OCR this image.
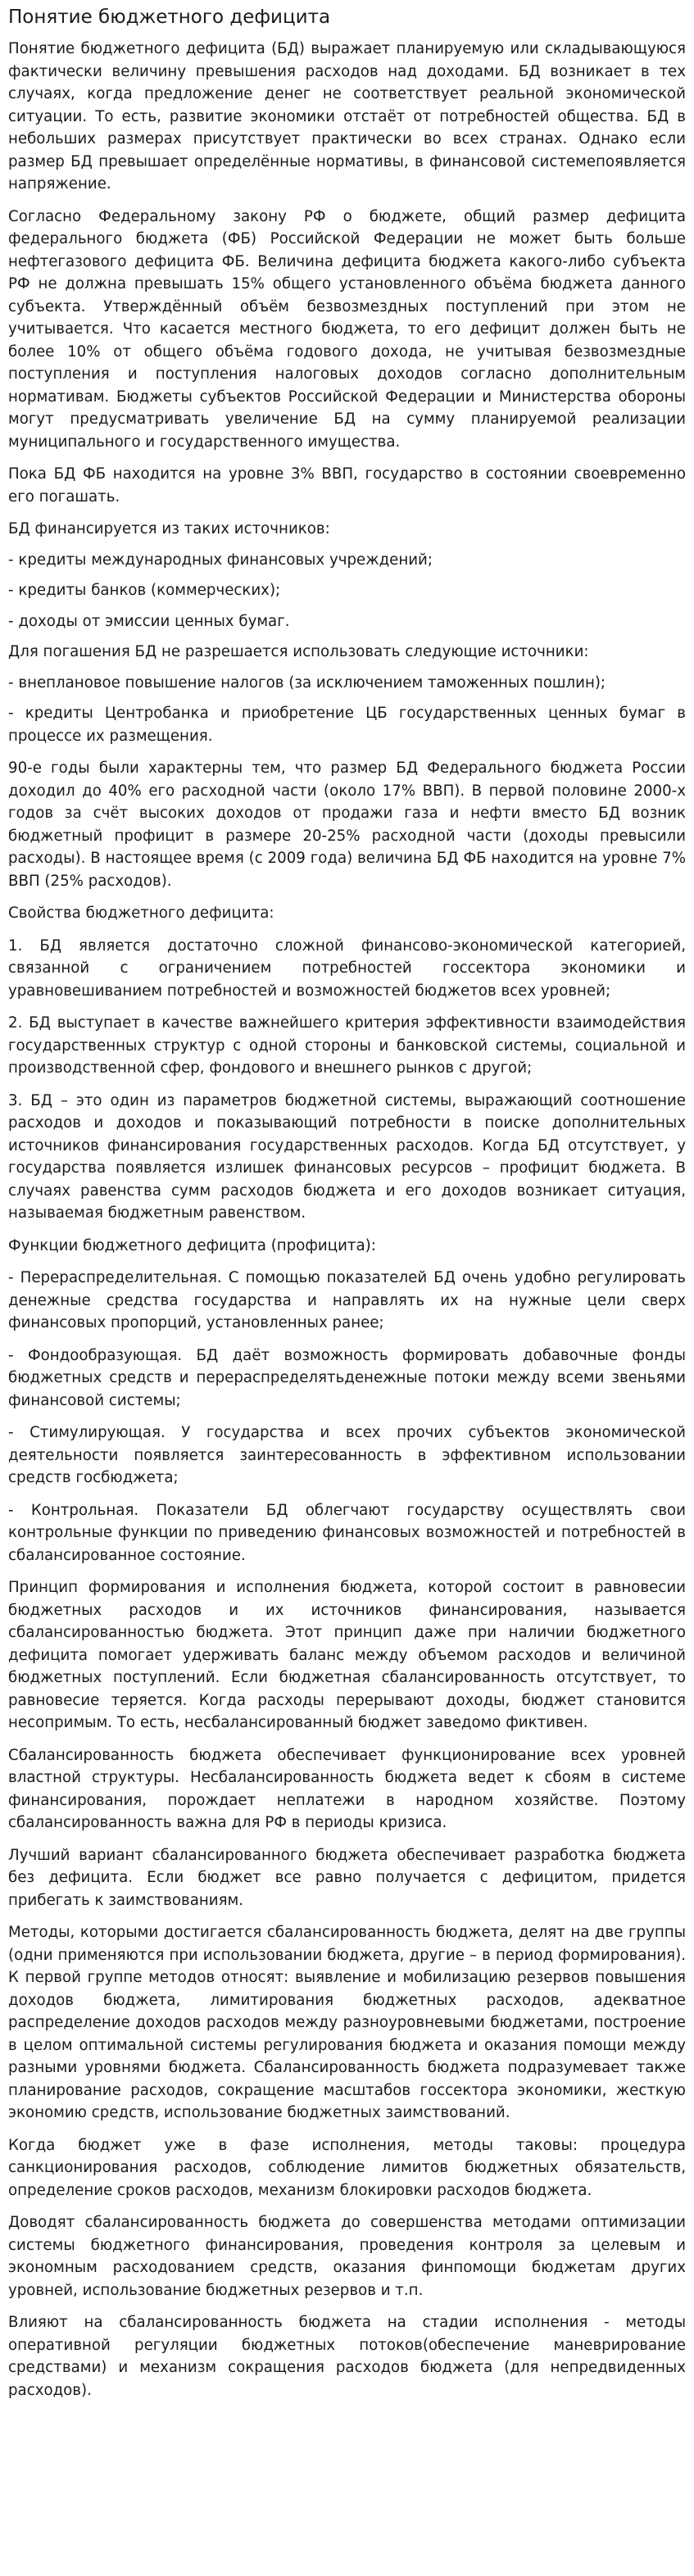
Понятие бюджетного дефицита

Понятие бюджетного дефицита (БД) выражает планируемую или складывающуюся фактически величину превышения расходов над доходами. БД возникает в тех случаях, когда предложение денег не соответствует реальной экономической ситуации. То есть, развитие экономики отстаёт от потребностей общества. БД в небольших размерах присутствует практически во всех странах. Однако если размер БД превышает определённые нормативы, в финансовой системепоявляется напряжение.

Согласно Федеральному закону РФ о бюджете, общий размер дефицита федерального бюджета (ФБ) Российской Федерации не может быть больше нефтегазового дефицита ФБ. Величина дефицита бюджета какого-либо субъекта РФ не должна превышать 15% общего установленного объёма бюджета данного субъекта. Утверждённый объём безвозмездных поступлений при этом не учитывается. Что касается местного бюджета, то его дефицит должен быть не более 10% от общего объёма годового дохода, не учитывая безвозмездные поступления и поступления налоговых доходов согласно дополнительным нормативам. Бюджеты субъектов Российской Федерации и Министерства обороны могут предусматривать увеличение БД на сумму планируемой реализации муниципального и государственного имущества.

Пока БД ФБ находится на уровне 3% ВВП, государство в состоянии своевременно его погашать.

БД финансируется из таких источников:

- кредиты международных финансовых учреждений;

- кредиты банков (коммерческих);

- доходы от эмиссии ценных бумаг.

Для погашения БД не разрешается использовать следующие источники:

- внеплановое повышение налогов (за исключением таможенных пошлин);

- кредиты Центробанка и приобретение ЦБ государственных ценных бумаг в процессе их размещения.

90-е годы были характерны тем, что размер БД Федерального бюджета России доходил до 40% его расходной части (около 17% ВВП). В первой половине 2000-х годов за счёт высоких доходов от продажи газа и нефти вместо БД возник бюджетный профицит в размере 20-25% расходной части (доходы превысили расходы). В настоящее время (с 2009 года) величина БД ФБ находится на уровне 7% ВВП (25% расходов).

Свойства бюджетного дефицита:

1. БД является достаточно сложной финансово-экономической категорией, связанной с ограничением потребностей госсектора экономики и уравновешиванием потребностей и возможностей бюджетов всех уровней;

2. БД выступает в качестве важнейшего критерия эффективности взаимодействия государственных структур с одной стороны и банковской системы, социальной и производственной сфер, фондового и внешнего рынков с другой;

3. БД – это один из параметров бюджетной системы, выражающий соотношение расходов и доходов и показывающий потребности в поиске дополнительных источников финансирования государственных расходов. Когда БД отсутствует, у государства появляется излишек финансовых ресурсов – профицит бюджета. В случаях равенства сумм расходов бюджета и его доходов возникает ситуация, называемая бюджетным равенством.

Функции бюджетного дефицита (профицита):

- Перераспределительная. С помощью показателей БД очень удобно регулировать денежные средства государства и направлять их на нужные цели сверх финансовых пропорций, установленных ранее;

- Фондообразующая. БД даёт возможность формировать добавочные фонды бюджетных средств и перераспределятьденежные потоки между всеми звеньями финансовой системы;

- Стимулирующая. У государства и всех прочих субъектов экономической деятельности появляется заинтересованность в эффективном использовании средств госбюджета;

- Контрольная. Показатели БД облегчают государству осуществлять свои контрольные функции по приведению финансовых возможностей и потребностей в сбалансированное состояние.

Принцип формирования и исполнения бюджета, которой состоит в равновесии бюджетных расходов и их источников финансирования, называется сбалансированностью бюджета. Этот принцип даже при наличии бюджетного дефицита помогает удерживать баланс между объемом расходов и величиной бюджетных поступлений. Если бюджетная сбалансированность отсутствует, то равновесие теряется. Когда расходы перерывают доходы, бюджет становится несопримым. То есть, несбалансированный бюджет заведомо фиктивен.

Сбалансированность бюджета обеспечивает функционирование всех уровней властной структуры. Несбалансированность бюджета ведет к сбоям в системе финансирования, порождает неплатежи в народном хозяйстве. Поэтому сбалансированность важна для РФ в периоды кризиса.

Лучший вариант сбалансированного бюджета обеспечивает разработка бюджета без дефицита. Если бюджет все равно получается с дефицитом, придется прибегать к заимствованиям.

Методы, которыми достигается сбалансированность бюджета, делят на две группы (одни применяются при использовании бюджета, другие – в период формирования). К первой группе методов относят: выявление и мобилизацию резервов повышения доходов бюджета, лимитирования бюджетных расходов, адекватное распределение доходов расходов между разноуровневыми бюджетами, построение в целом оптимальной системы регулирования бюджета и оказания помощи между разными уровнями бюджета. Сбалансированность бюджета подразумевает также планирование расходов, сокращение масштабов госсектора экономики, жесткую экономию средств, использование бюджетных заимствований.

Когда бюджет уже в фазе исполнения, методы таковы: процедура санкционирования расходов, соблюдение лимитов бюджетных обязательств, определение сроков расходов, механизм блокировки расходов бюджета.

Доводят сбалансированность бюджета до совершенства методами оптимизации системы бюджетного финансирования, проведения контроля за целевым и экономным расходованием средств, оказания финпомощи бюджетам других уровней, использование бюджетных резервов и т.п.

Влияют на сбалансированность бюджета на стадии исполнения - методы оперативной регуляции бюджетных потоков(обеспечение маневрирование средствами) и механизм сокращения расходов бюджета (для непредвиденных расходов).
